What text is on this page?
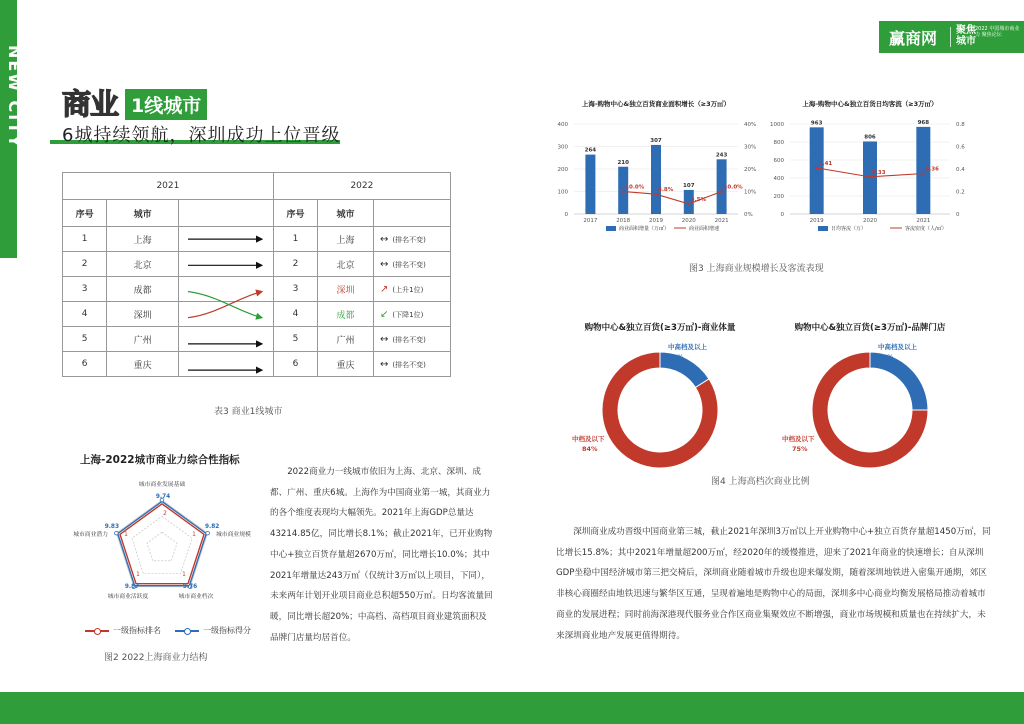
NEW CITY
赢商网 聚焦
城市
2022 中国城市商业力 聚焦论坛
商业 1线城市
6城持续领航，深圳成功上位晋级
2021			2022		
序号	城市		序号	城市	
1	上海		1	上海	↔ (排名不变)
2	北京		2	北京	↔ (排名不变)
3	成都		3	深圳	↗ (上升1位)
4	深圳		4	成都	↙ (下降1位)
5	广州		5	广州	↔ (排名不变)
6	重庆		6	重庆	↔ (排名不变)
表3 商业1线城市
上海-2022城市商业力综合性指标
城市商业发展基础
城市商业规模
城市商业档次
城市商业活跃度
城市商业潜力
9.74
2
9.82
1
9.76
1
9.87
1
9.83
1
一级指标排名	一级指标得分
图2 2022上海商业力结构
2022商业力一线城市依旧为上海、北京、深圳、成都、广州、重庆6城。上海作为中国商业第一城，其商业力的各个维度表现均大幅领先。2021年上海GDP总量达43214.85亿，同比增长8.1%；截止2021年，已开业购物中心+独立百货存量超2670万㎡，同比增长10.0%；其中2021年增量达243万㎡（仅统计3万㎡以上项目，下同），未来两年计划开业项目商业总积超550万㎡。日均客流量回暖，同比增长超20%；中高档、高档项目商业建筑面积及品牌门店量均居首位。
上海-购物中心&独立百货商业面积增长（≥3万㎡）
0
100
200
300
400
0%
10%
20%
30%
40%
264
2017
210
2018
10.0%
307
2019
8.8%
107
2020
4.5%
243
2021
10.0%
商业面积增量（万㎡）	商业面积增速
上海-购物中心&独立百货日均客流（≥3万㎡）
0
200
400
600
800
1000
0
0.2
0.4
0.6
0.8
963
2019
0.41
806
2020
0.33
968
2021
0.36
日均客流（万）	客流密度（人/㎡）
图3 上海商业规模增长及客流表现
购物中心&独立百货(≥3万㎡)-商业体量
中高档及以上
16%
中档及以下
84%
购物中心&独立百货(≥3万㎡)-品牌门店
中高档及以上
25%
中档及以下
75%
图4 上海高档次商业比例
深圳商业成功晋级中国商业第三城，截止2021年深圳3万㎡以上开业购物中心+独立百货存量超1450万㎡，同比增长15.8%；其中2021年增量超200万㎡，经2020年的缓慢推进，迎来了2021年商业的快速增长；自从深圳GDP坐稳中国经济城市第三把交椅后，深圳商业随着城市升级也迎来爆发期，随着深圳地铁进入密集开通期，郊区非核心商圈经由地铁迅速与繁华区互通，呈现着遍地是购物中心的局面，深圳多中心商业均衡发展格局推动着城市商业的发展进程；同时前海深港现代服务业合作区商业集聚效应不断增强，商业市场规模和质量也在持续扩大，未来深圳商业地产发展更值得期待。
